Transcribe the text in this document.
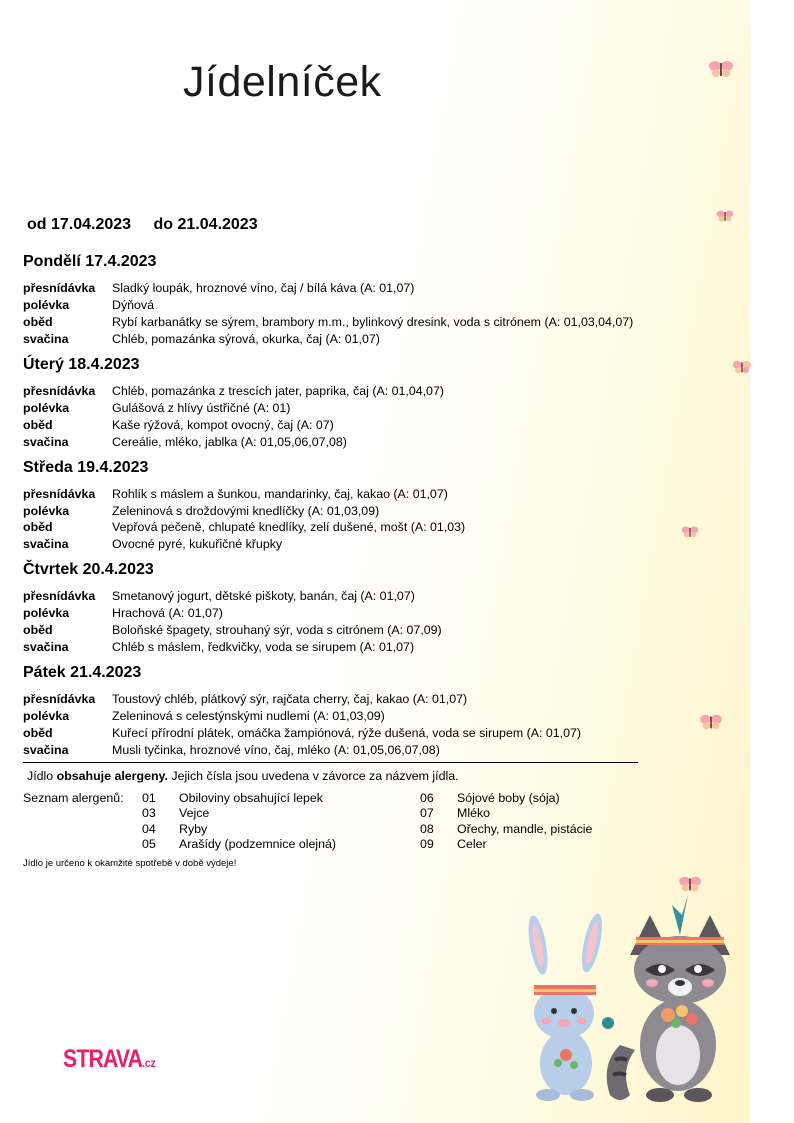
Jídelníček
od 17.04.2023 do 21.04.2023
Pondělí 17.4.2023
přesnídávka Sladký loupák, hroznové víno, čaj / bílá káva (A: 01,07)
polévka	Dýňová
oběd	Rybí karbanátky se sýrem, brambory m.m., bylinkový dresink, voda s citrónem (A: 01,03,04,07)
svačina	Chléb, pomazánka sýrová, okurka, čaj (A: 01,07)
Úterý 18.4.2023
přesnídávka Chléb, pomazánka z trescích jater, paprika, čaj (A: 01,04,07)
polévka	Gulášová z hlívy ústřičné (A: 01)
oběd	Kaše rýžová, kompot ovocný, čaj (A: 07)
svačina	Cereálie, mléko, jablka (A: 01,05,06,07,08)
Středa 19.4.2023
přesnídávka Rohlík s máslem a šunkou, mandarinky, čaj, kakao (A: 01,07)
polévka	Zeleninová s droždovými knedlíčky (A: 01,03,09)
oběd	Vepřová pečeně, chlupaté knedlíky, zelí dušené, mošt (A: 01,03)
svačina	Ovocné pyré, kukuřičné křupky
Čtvrtek 20.4.2023
přesnídávka Smetanový jogurt, dětské piškoty, banán, čaj (A: 01,07)
polévka	Hrachová (A: 01,07)
oběd	Boloňské špagety, strouhaný sýr, voda s citrónem (A: 07,09)
svačina	Chléb s máslem, ředkvičky, voda se sirupem (A: 01,07)
Pátek 21.4.2023
přesnídávka Toustový chléb, plátkový sýr, rajčata cherry, čaj, kakao (A: 01,07)
polévka	Zeleninová s celestýnskými nudlemi (A: 01,03,09)
oběd	Kuřecí přírodní plátek, omáčka žampiónová, rýže dušená, voda se sirupem (A: 01,07)
svačina	Musli tyčinka, hroznové víno, čaj, mléko (A: 01,05,06,07,08)
Jídlo obsahuje alergeny. Jejich čísla jsou uvedena v závorce za názvem jídla.
Seznam alergenů: 01 Obiloviny obsahující lepek
03 Vejce
04 Ryby
05 Arašídy (podzemnice olejná)
06 Sójové boby (sója)
07 Mléko
08 Ořechy, mandle, pistácie
09 Celer
Jídlo je určeno k okamžité spotřebě v době výdeje!
STRAVA.cz
